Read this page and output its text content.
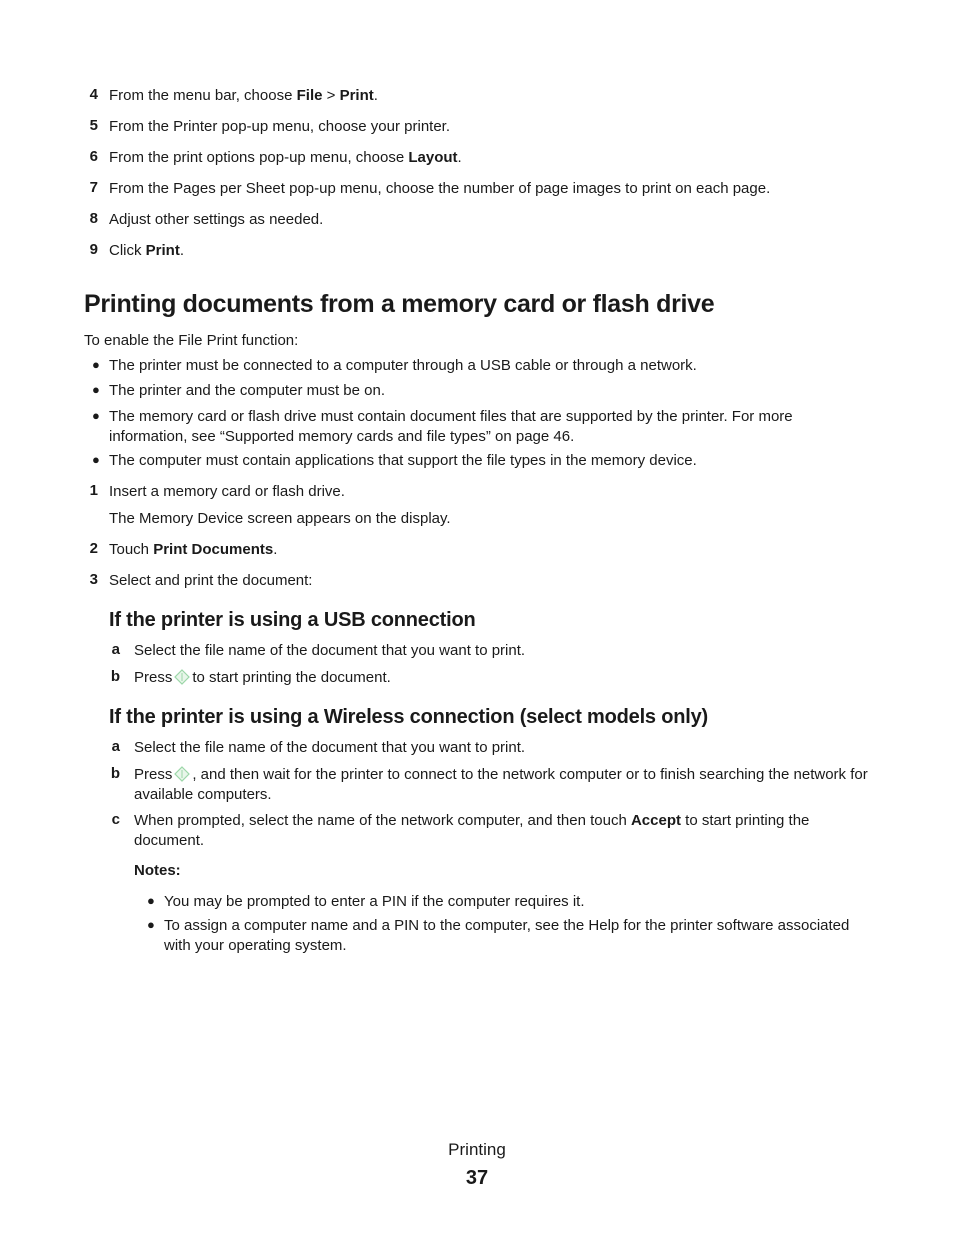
4 From the menu bar, choose File > Print.
5 From the Printer pop-up menu, choose your printer.
6 From the print options pop-up menu, choose Layout.
7 From the Pages per Sheet pop-up menu, choose the number of page images to print on each page.
8 Adjust other settings as needed.
9 Click Print.
Printing documents from a memory card or flash drive
To enable the File Print function:
● The printer must be connected to a computer through a USB cable or through a network.
● The printer and the computer must be on.
● The memory card or flash drive must contain document files that are supported by the printer. For more information, see “Supported memory cards and file types” on page 46.
● The computer must contain applications that support the file types in the memory device.
1 Insert a memory card or flash drive.
The Memory Device screen appears on the display.
2 Touch Print Documents.
3 Select and print the document:
If the printer is using a USB connection
a Select the file name of the document that you want to print.
b Press to start printing the document.
If the printer is using a Wireless connection (select models only)
a Select the file name of the document that you want to print.
b Press , and then wait for the printer to connect to the network computer or to finish searching the network for available computers.
c When prompted, select the name of the network computer, and then touch Accept to start printing the document.
Notes:
● You may be prompted to enter a PIN if the computer requires it.
● To assign a computer name and a PIN to the computer, see the Help for the printer software associated with your operating system.
Printing
37
